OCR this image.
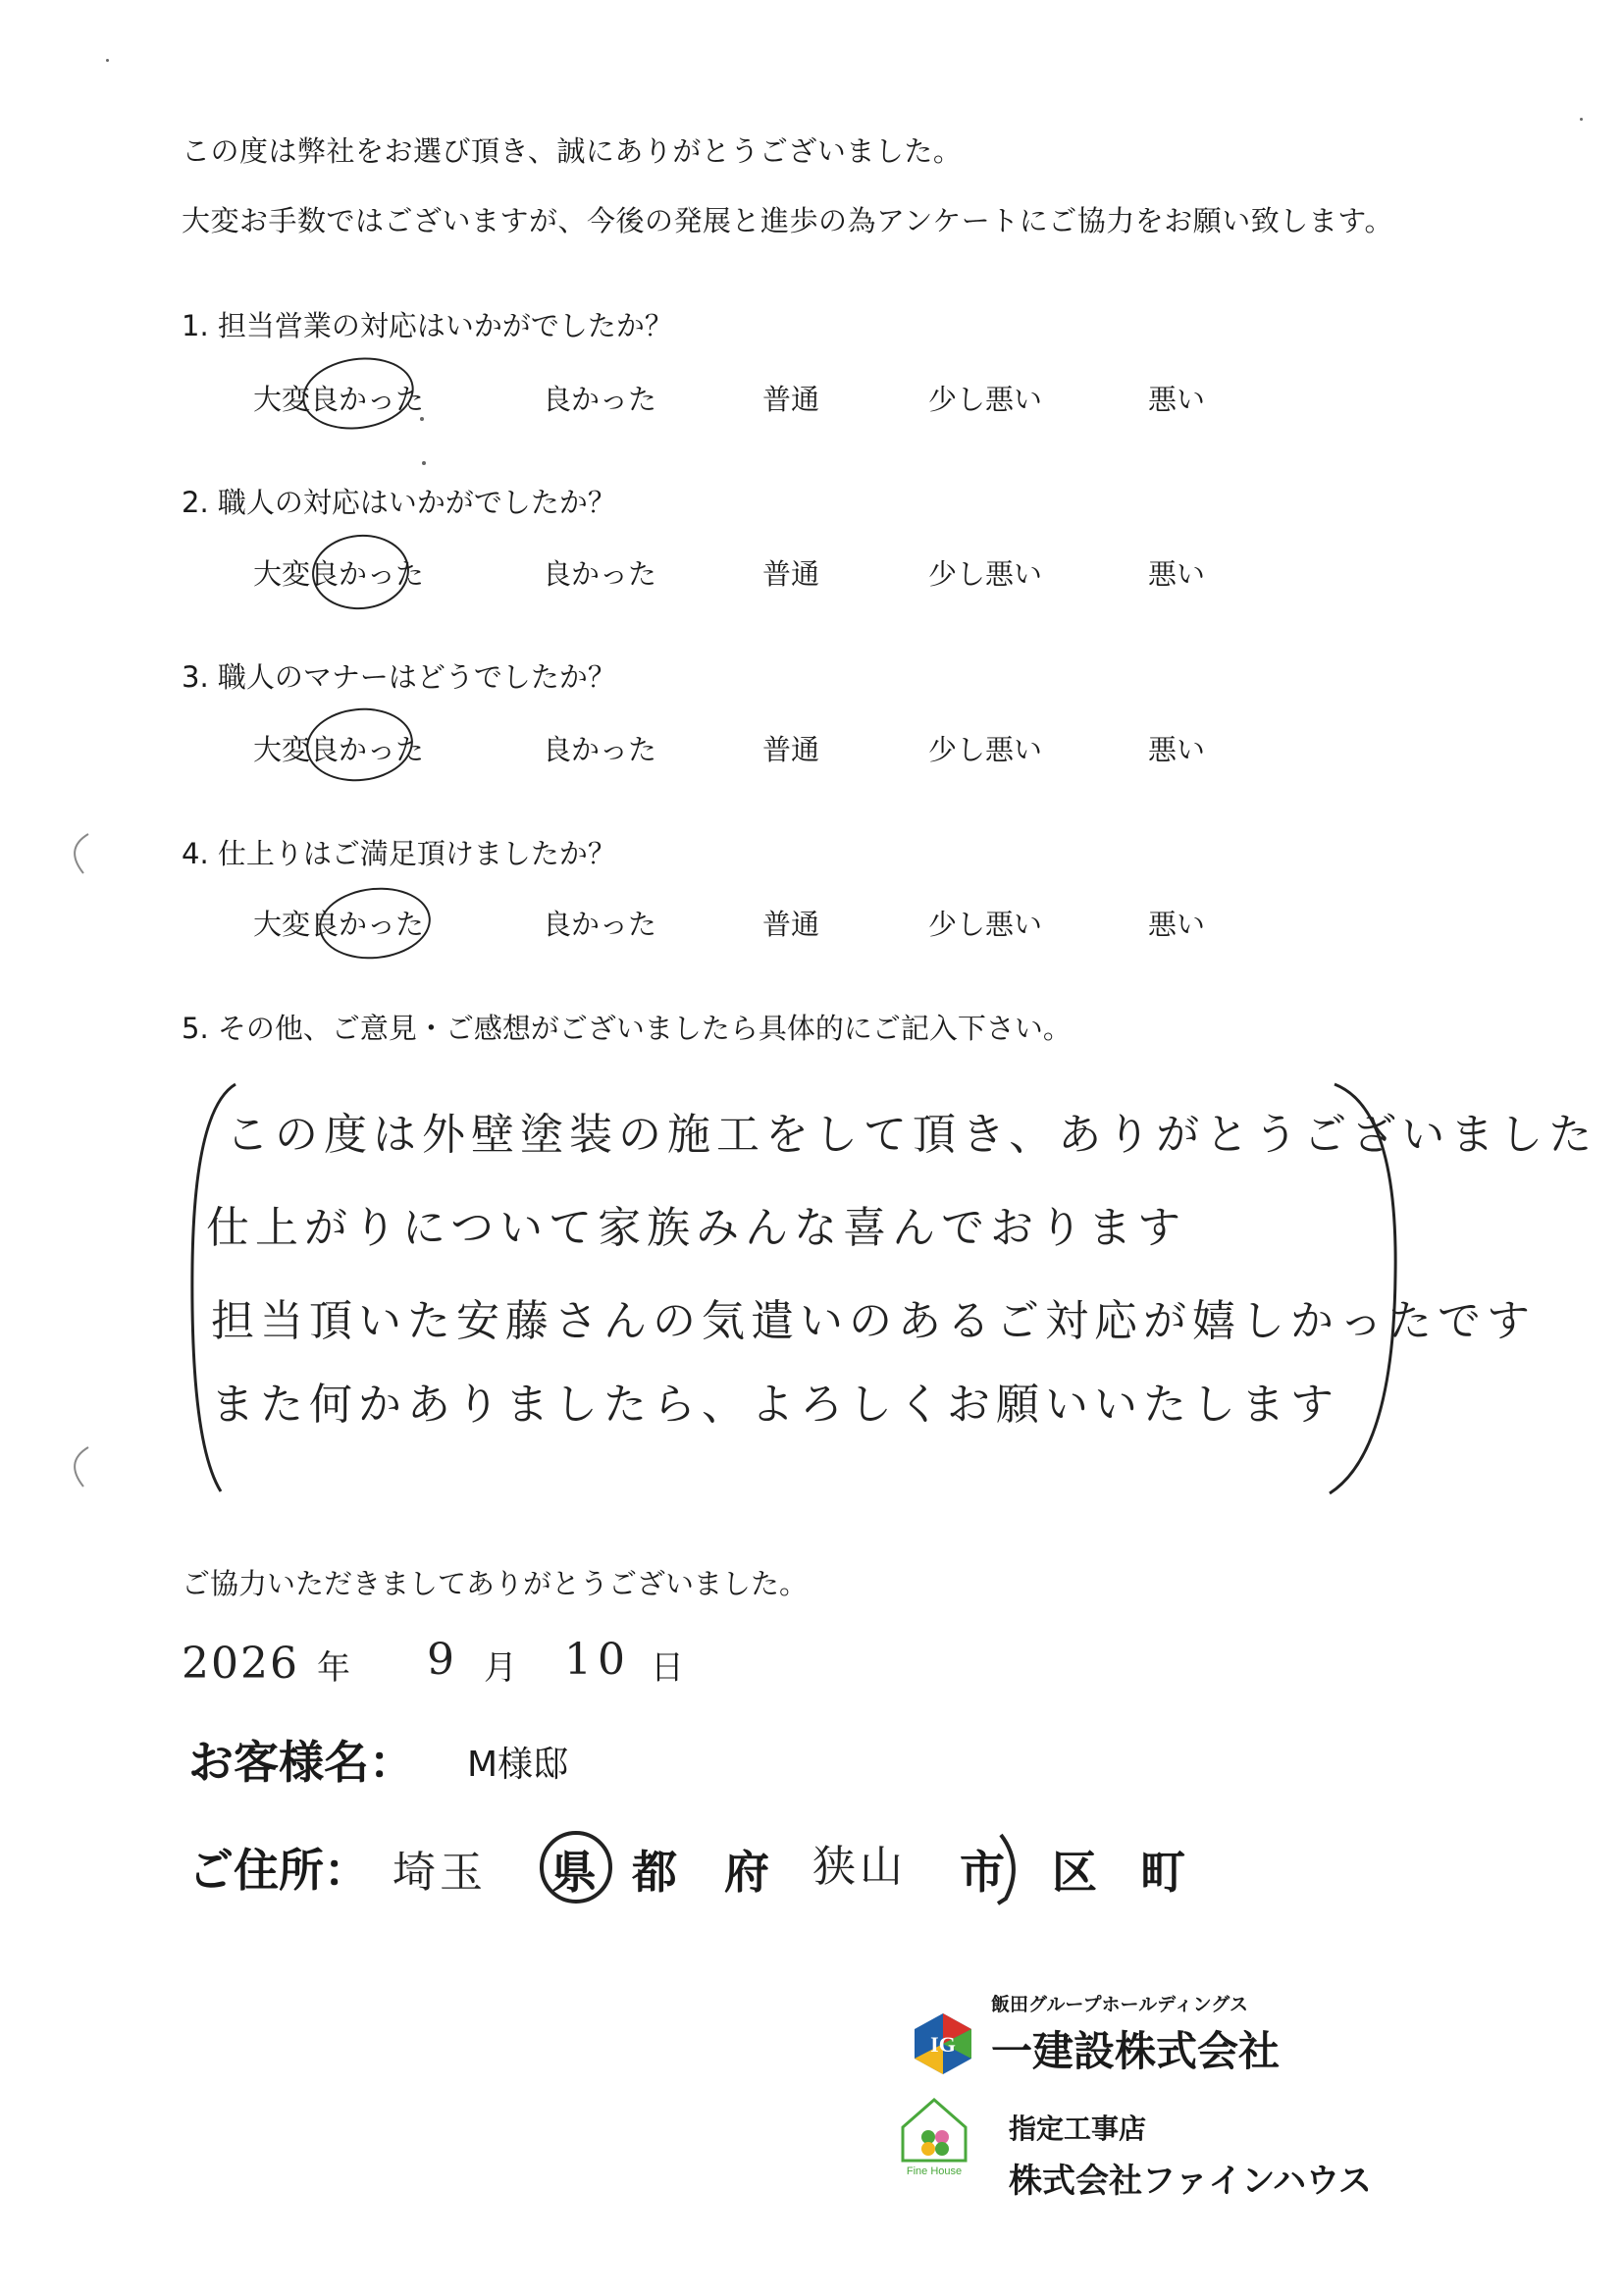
この度は弊社をお選び頂き、誠にありがとうございました。
大変お手数ではございますが、今後の発展と進歩の為アンケートにご協力をお願い致します。
1. 担当営業の対応はいかがでしたか？
大変良かった	良かった	普通	少し悪い	悪い
2. 職人の対応はいかがでしたか？
大変良かった	良かった	普通	少し悪い	悪い
3. 職人のマナーはどうでしたか？
大変良かった	良かった	普通	少し悪い	悪い
4. 仕上りはご満足頂けましたか？
大変良かった	良かった	普通	少し悪い	悪い
5. その他、ご意見・ご感想がございましたら具体的にご記入下さい。
この度は外壁塗装の施工をして頂き、ありがとうございました
仕上がりについて家族みんな喜んでおります
担当頂いた安藤さんの気遣いのあるご対応が嬉しかったです
また何かありましたら、よろしくお願いいたします
ご協力いただきましてありがとうございました。
2026 年 9 月 10 日
お客様名： M様邸
ご住所： 埼玉 県 都 府 狭山 市 区 町
飯田グループホールディングス
IG 一建設株式会社
Fine House
指定工事店
株式会社ファインハウス
